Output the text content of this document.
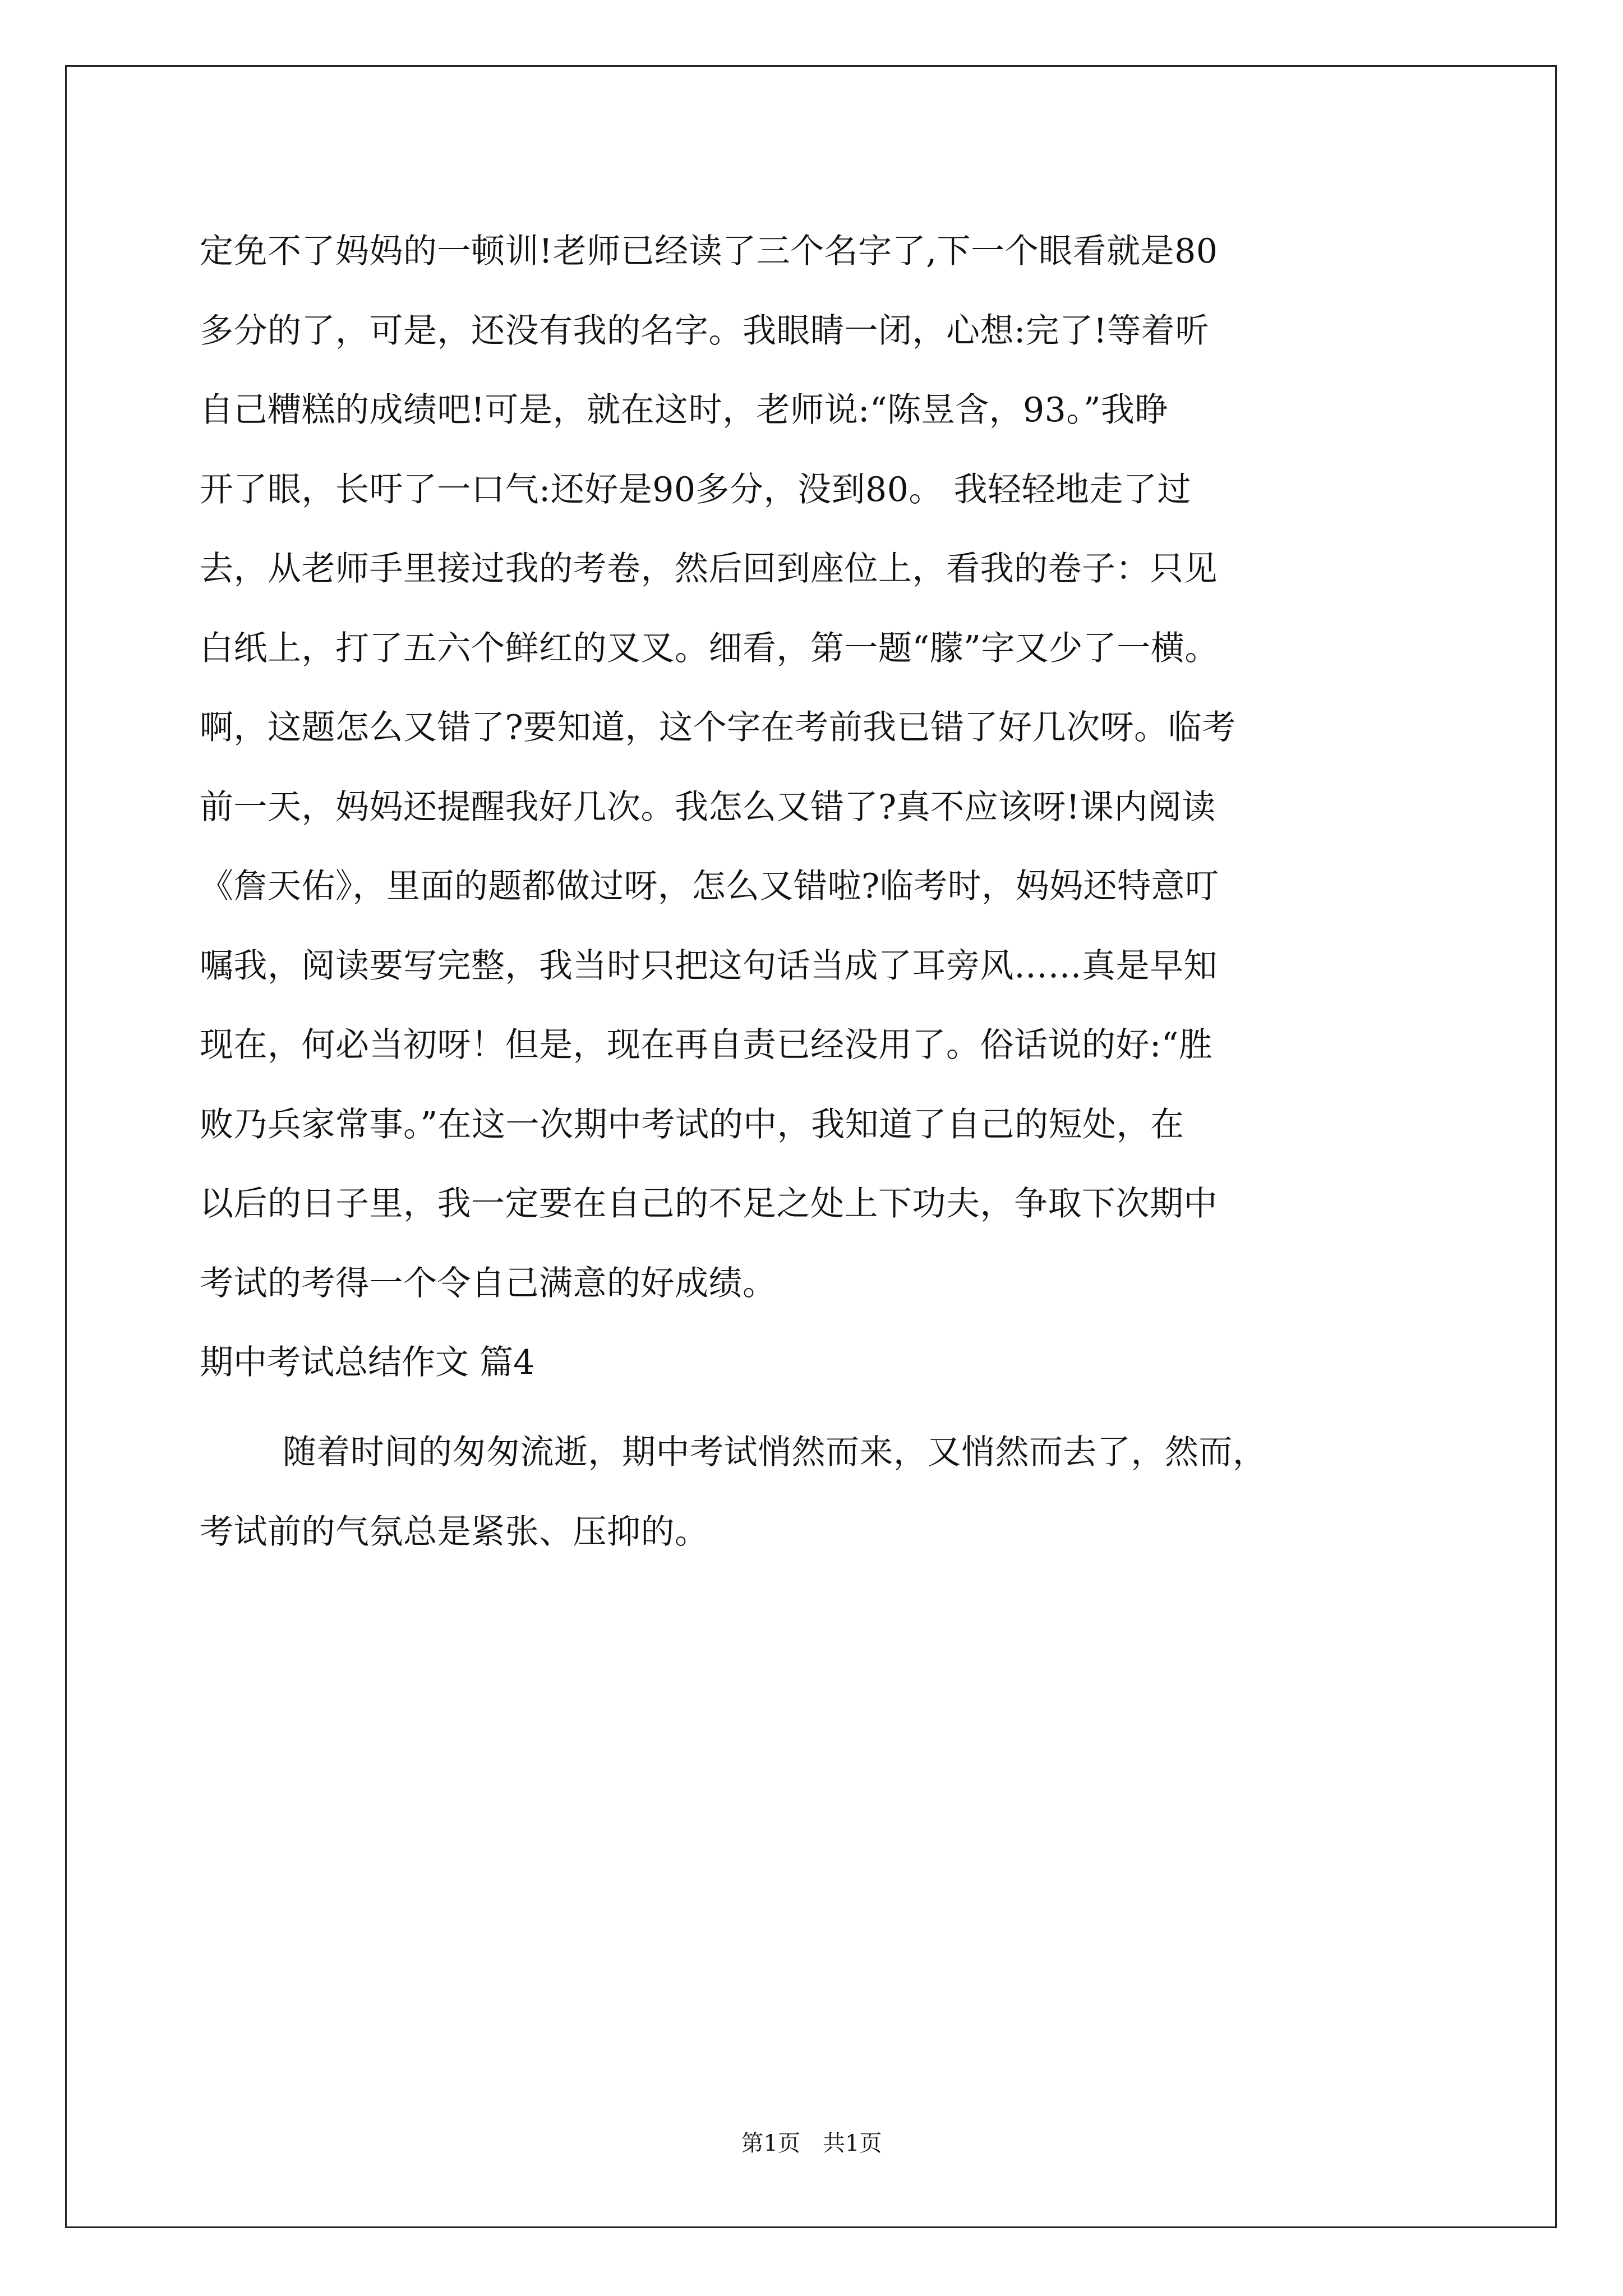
定免不了妈妈的一顿训!老师已经读了三个名字了,下一个眼看就是80
多分的了，可是，还没有我的名字。我眼睛一闭，心想:完了!等着听
自己糟糕的成绩吧!可是，就在这时，老师说:“陈昱含，93。”我睁
开了眼，长吁了一口气:还好是90多分，没到80。 我轻轻地走了过
去，从老师手里接过我的考卷，然后回到座位上，看我的卷子：只见
白纸上，打了五六个鲜红的叉叉。细看，第一题“朦”字又少了一横。
啊，这题怎么又错了?要知道，这个字在考前我已错了好几次呀。临考
前一天，妈妈还提醒我好几次。我怎么又错了?真不应该呀!课内阅读
《詹天佑》，里面的题都做过呀，怎么又错啦?临考时，妈妈还特意叮
嘱我，阅读要写完整，我当时只把这句话当成了耳旁风……真是早知
现在，何必当初呀！但是，现在再自责已经没用了。俗话说的好:“胜
败乃兵家常事。”在这一次期中考试的中，我知道了自己的短处，在
以后的日子里，我一定要在自己的不足之处上下功夫，争取下次期中
考试的考得一个令自己满意的好成绩。
期中考试总结作文 篇4
随着时间的匆匆流逝，期中考试悄然而来，又悄然而去了，然而，
考试前的气氛总是紧张、压抑的。
第1页　共1页
